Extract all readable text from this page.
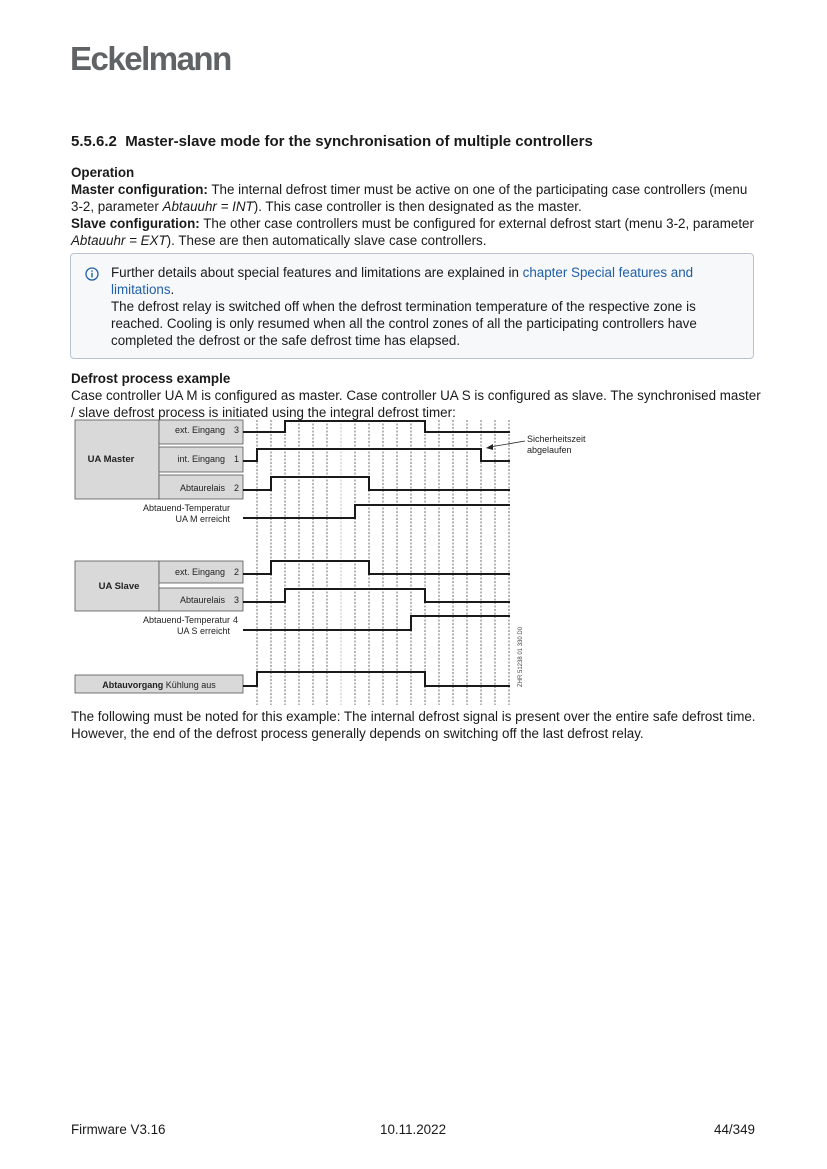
Eckelmann
5.5.6.2 Master-slave mode for the synchronisation of multiple controllers
Operation
Master configuration: The internal defrost timer must be active on one of the participating case controllers (menu 3-2, parameter Abtauuhr = INT). This case controller is then designated as the master.
Slave configuration: The other case controllers must be configured for external defrost start (menu 3-2, parameter Abtauuhr = EXT). These are then automatically slave case controllers.
Further details about special features and limitations are explained in chapter Special features and limitations.
The defrost relay is switched off when the defrost termination temperature of the respective zone is reached. Cooling is only resumed when all the control zones of all the participating controllers have completed the defrost or the safe defrost time has elapsed.
Defrost process example
Case controller UA M is configured as master. Case controller UA S is configured as slave. The synchronised master / slave defrost process is initiated using the integral defrost timer:
UA Master
UA Slave
ext. Eingang 3
int. Eingang 1
Abtaurelais 2
Abtauend-Temperatur
UA M erreicht
ext. Eingang 2
Abtaurelais 3
Abtauend-Temperatur
UA S erreicht
4
Abtauvorgang Kühlung aus
Sicherheitszeit
abgelaufen
ZHR 51238 01 330 D0
The following must be noted for this example: The internal defrost signal is present over the entire safe defrost time. However, the end of the defrost process generally depends on switching off the last defrost relay.
Firmware V3.16	10.11.2022	44/349
